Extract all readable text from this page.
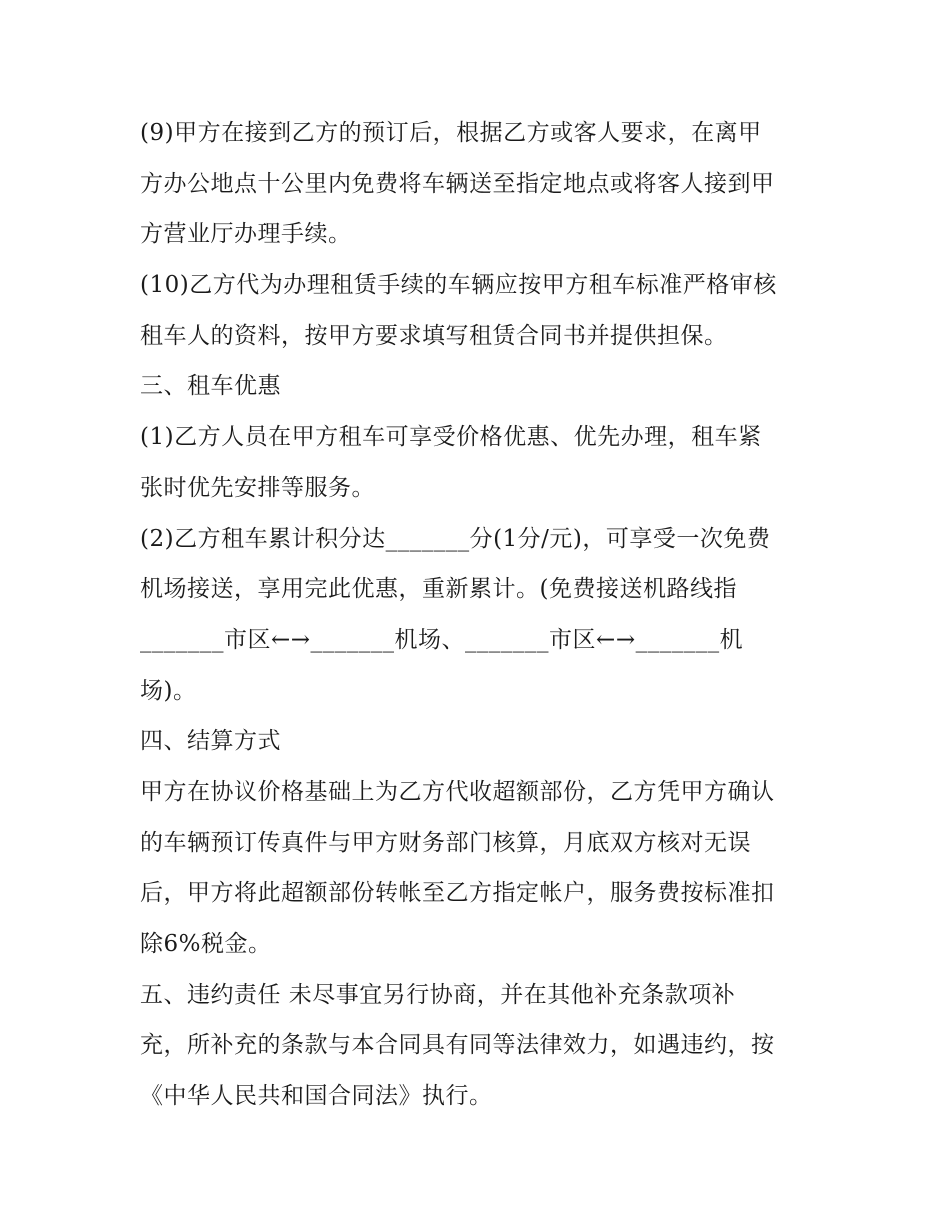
(9)甲方在接到乙方的预订后，根据乙方或客人要求，在离甲
方办公地点十公里内免费将车辆送至指定地点或将客人接到甲
方营业厅办理手续。
(10)乙方代为办理租赁手续的车辆应按甲方租车标准严格审核
租车人的资料，按甲方要求填写租赁合同书并提供担保。
三、租车优惠
(1)乙方人员在甲方租车可享受价格优惠、优先办理，租车紧
张时优先安排等服务。
(2)乙方租车累计积分达_______分(1分/元)，可享受一次免费
机场接送，享用完此优惠，重新累计。(免费接送机路线指
_______市区←→_______机场、_______市区←→_______机
场)。
四、结算方式
甲方在协议价格基础上为乙方代收超额部份，乙方凭甲方确认
的车辆预订传真件与甲方财务部门核算，月底双方核对无误
后，甲方将此超额部份转帐至乙方指定帐户，服务费按标准扣
除6%税金。
五、违约责任 未尽事宜另行协商，并在其他补充条款项补
充，所补充的条款与本合同具有同等法律效力，如遇违约，按
《中华人民共和国合同法》执行。
